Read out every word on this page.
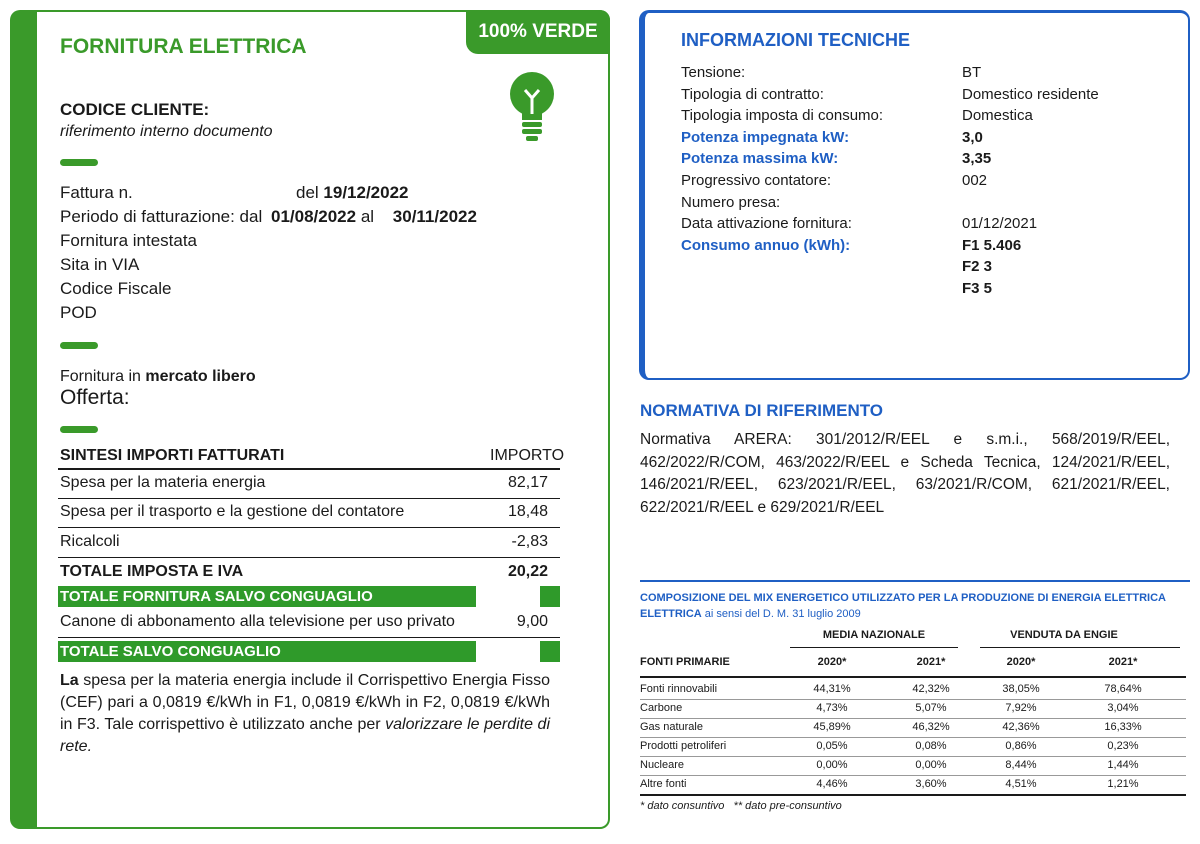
100% VERDE
FORNITURA ELETTRICA
CODICE CLIENTE:
riferimento interno documento
Fattura n.	del 19/12/2022
Periodo di fatturazione: dal 01/08/2022 al 30/11/2022
Fornitura intestata
Sita in VIA
Codice Fiscale
POD
Fornitura in mercato libero
Offerta:
SINTESI IMPORTI FATTURATI	IMPORTO
Spesa per la materia energia	82,17
Spesa per il trasporto e la gestione del contatore	18,48
Ricalcoli	-2,83
TOTALE IMPOSTA E IVA	20,22
TOTALE FORNITURA SALVO CONGUAGLIO
Canone di abbonamento alla televisione per uso privato	9,00
TOTALE SALVO CONGUAGLIO
La spesa per la materia energia include il Corrispettivo Energia Fisso (CEF) pari a 0,0819 €/kWh in F1, 0,0819 €/kWh in F2, 0,0819 €/kWh in F3. Tale corrispettivo è utilizzato anche per valorizzare le perdite di rete.
INFORMAZIONI TECNICHE
Tensione:	BT
Tipologia di contratto:	Domestico residente
Tipologia imposta di consumo:	Domestica
Potenza impegnata kW:	3,0
Potenza massima kW:	3,35
Progressivo contatore:	002
Numero presa:
Data attivazione fornitura:	01/12/2021
Consumo annuo (kWh):	F1 5.406
F2 3
F3 5
NORMATIVA DI RIFERIMENTO
Normativa ARERA: 301/2012/R/EEL e s.m.i., 568/2019/R/EEL,
462/2022/R/COM, 463/2022/R/EEL e Scheda Tecnica, 124/2021/R/EEL,
146/2021/R/EEL, 623/2021/R/EEL, 63/2021/R/COM, 621/2021/R/EEL,
622/2021/R/EEL e 629/2021/R/EEL
COMPOSIZIONE DEL MIX ENERGETICO UTILIZZATO PER LA PRODUZIONE DI ENERGIA ELETTRICA
ELETTRICA ai sensi del D. M. 31 luglio 2009
MEDIA NAZIONALE	VENDUTA DA ENGIE
FONTI PRIMARIE	2020*	2021*	2020*	2021*
Fonti rinnovabili	44,31%	42,32%	38,05%	78,64%
Carbone	4,73%	5,07%	7,92%	3,04%
Gas naturale	45,89%	46,32%	42,36%	16,33%
Prodotti petroliferi	0,05%	0,08%	0,86%	0,23%
Nucleare	0,00%	0,00%	8,44%	1,44%
Altre fonti	4,46%	3,60%	4,51%	1,21%
* dato consuntivo   ** dato pre-consuntivo
